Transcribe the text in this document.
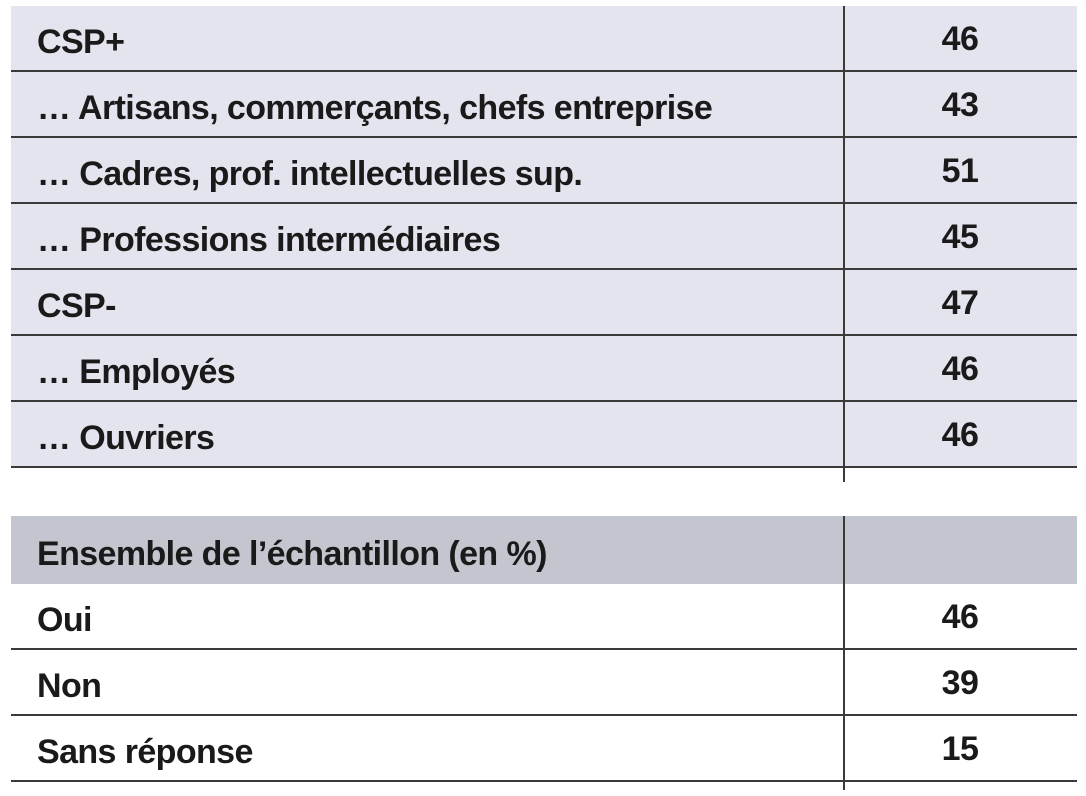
CSP+	46
… Artisans, commerçants, chefs entreprise	43
… Cadres, prof. intellectuelles sup.	51
… Professions intermédiaires	45
CSP-	47
… Employés	46
… Ouvriers	46
Ensemble de l’échantillon (en %)
Oui	46
Non	39
Sans réponse	15
